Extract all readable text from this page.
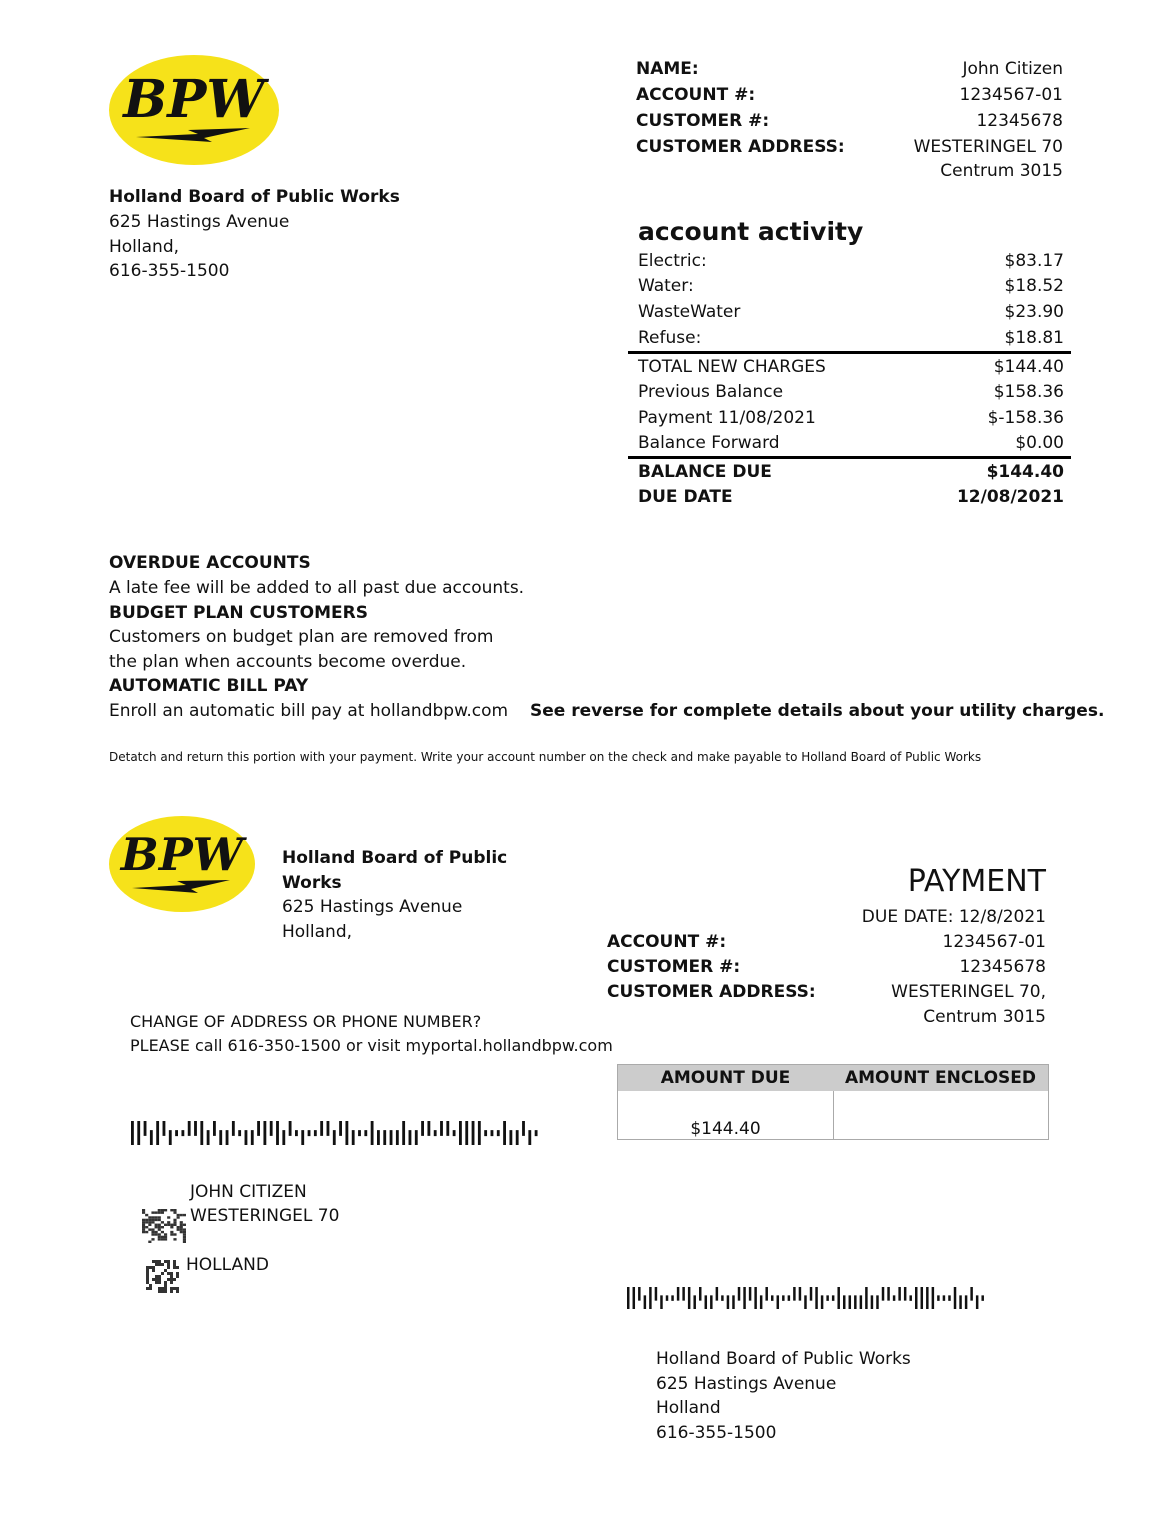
BPW
Holland Board of Public Works
625 Hastings Avenue
Holland,
616-355-1500
NAME:	John Citizen
ACCOUNT #:	1234567-01
CUSTOMER #:	12345678
CUSTOMER ADDRESS:	WESTERINGEL 70
Centrum 3015
account activity
Electric:	$83.17
Water:	$18.52
WasteWater	$23.90
Refuse:	$18.81
TOTAL NEW CHARGES	$144.40
Previous Balance	$158.36
Payment 11/08/2021	$-158.36
Balance Forward	$0.00
BALANCE DUE	$144.40
DUE DATE	12/08/2021
OVERDUE ACCOUNTS
A late fee will be added to all past due accounts.
BUDGET PLAN CUSTOMERS
Customers on budget plan are removed from
the plan when accounts become overdue.
AUTOMATIC BILL PAY
Enroll an automatic bill pay at hollandbpw.com See reverse for complete details about your utility charges.
Detatch and return this portion with your payment. Write your account number on the check and make payable to Holland Board of Public Works
BPW	Holland Board of Public
Works
625 Hastings Avenue
Holland,
PAYMENT
DUE DATE: 12/8/2021
ACCOUNT #:	1234567-01
CUSTOMER #:	12345678
CUSTOMER ADDRESS:	WESTERINGEL 70,
Centrum 3015
CHANGE OF ADDRESS OR PHONE NUMBER?
PLEASE call 616-350-1500 or visit myportal.hollandbpw.com
AMOUNT DUE	AMOUNT ENCLOSED
$144.40
JOHN CITIZEN
WESTERINGEL 70
HOLLAND
Holland Board of Public Works
625 Hastings Avenue
Holland
616-355-1500
